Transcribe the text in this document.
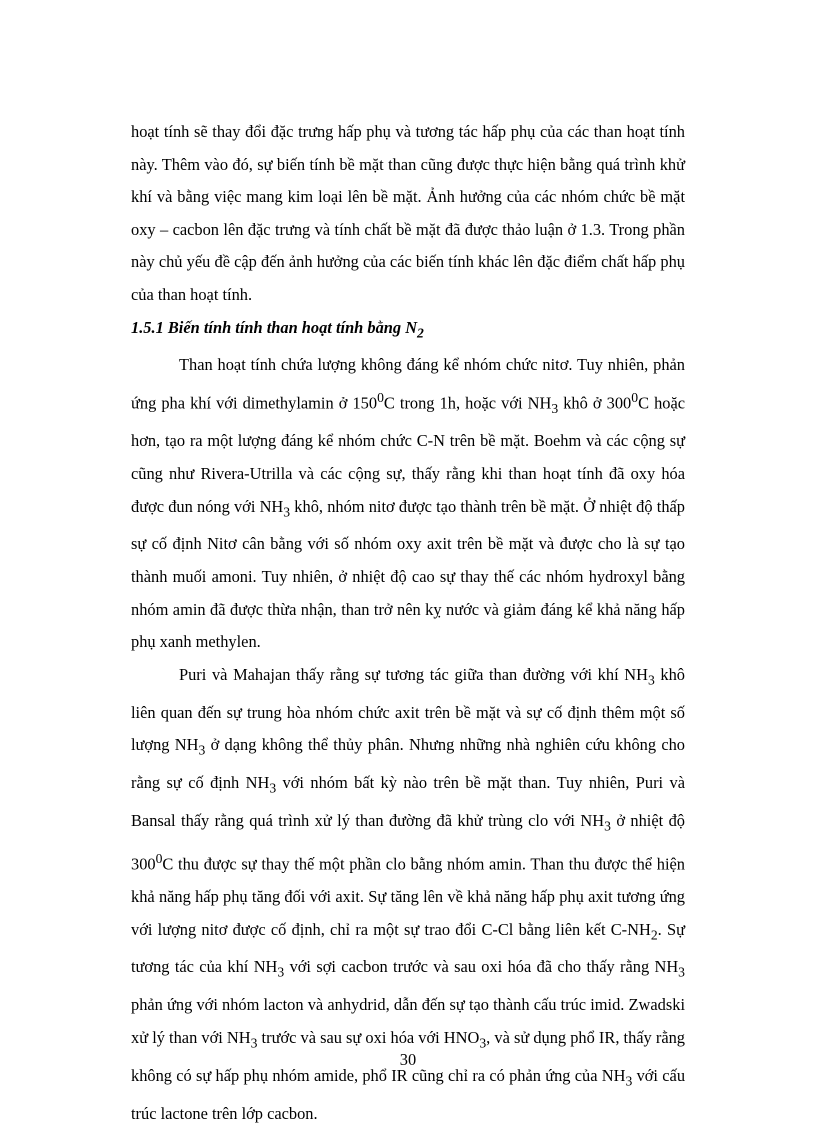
hoạt tính sẽ thay đổi đặc trưng hấp phụ và tương tác hấp phụ của các than hoạt tính này. Thêm vào đó, sự biến tính bề mặt than cũng được thực hiện bằng quá trình khử khí và bằng việc mang kim loại lên bề mặt. Ảnh hưởng của các nhóm chức bề mặt oxy – cacbon lên đặc trưng và tính chất bề mặt đã được thảo luận ở 1.3. Trong phần này chủ yếu đề cập đến ảnh hưởng của các biến tính khác lên đặc điểm chất hấp phụ của than hoạt tính.

1.5.1 Biến tính tính than hoạt tính bằng $N_2$

Than hoạt tính chứa lượng không đáng kể nhóm chức nitơ. Tuy nhiên, phản ứng pha khí với dimethylamin ở $150^0C$ trong 1h, hoặc với $NH_3$ khô ở $300^0C$ hoặc hơn, tạo ra một lượng đáng kể nhóm chức C-N trên bề mặt. Boehm và các cộng sự cũng như Rivera-Utrilla và các cộng sự, thấy rằng khi than hoạt tính đã oxy hóa được đun nóng với $NH_3$ khô, nhóm nitơ được tạo thành trên bề mặt. Ở nhiệt độ thấp sự cố định Nitơ cân bằng với số nhóm oxy axit trên bề mặt và được cho là sự tạo thành muối amoni. Tuy nhiên, ở nhiệt độ cao sự thay thế các nhóm hydroxyl bằng nhóm amin đã được thừa nhận, than trở nên kỵ nước và giảm đáng kể khả năng hấp phụ xanh methylen.

Puri và Mahajan thấy rằng sự tương tác giữa than đường với khí $NH_3$ khô liên quan đến sự trung hòa nhóm chức axit trên bề mặt và sự cố định thêm một số lượng $NH_3$ ở dạng không thể thủy phân. Nhưng những nhà nghiên cứu không cho rằng sự cố định $NH_3$ với nhóm bất kỳ nào trên bề mặt than. Tuy nhiên, Puri và Bansal thấy rằng quá trình xử lý than đường đã khử trùng clo với $NH_3$ ở nhiệt độ $300^0C$ thu được sự thay thế một phần clo bằng nhóm amin. Than thu được thể hiện khả năng hấp phụ tăng đối với axit. Sự tăng lên về khả năng hấp phụ axit tương ứng với lượng nitơ được cố định, chỉ ra một sự trao đổi C-Cl bằng liên kết $C-NH_2$. Sự tương tác của khí $NH_3$ với sợi cacbon trước và sau oxi hóa đã cho thấy rằng $NH_3$ phản ứng với nhóm lacton và anhydrid, dẫn đến sự tạo thành cấu trúc imid. Zwadski xử lý than với $NH_3$ trước và sau sự oxi hóa với $HNO_3$, và sử dụng phổ IR, thấy rằng không có sự hấp phụ nhóm amide, phổ IR cũng chỉ ra có phản ứng của $NH_3$ với cấu trúc lactone trên lớp cacbon.

30
